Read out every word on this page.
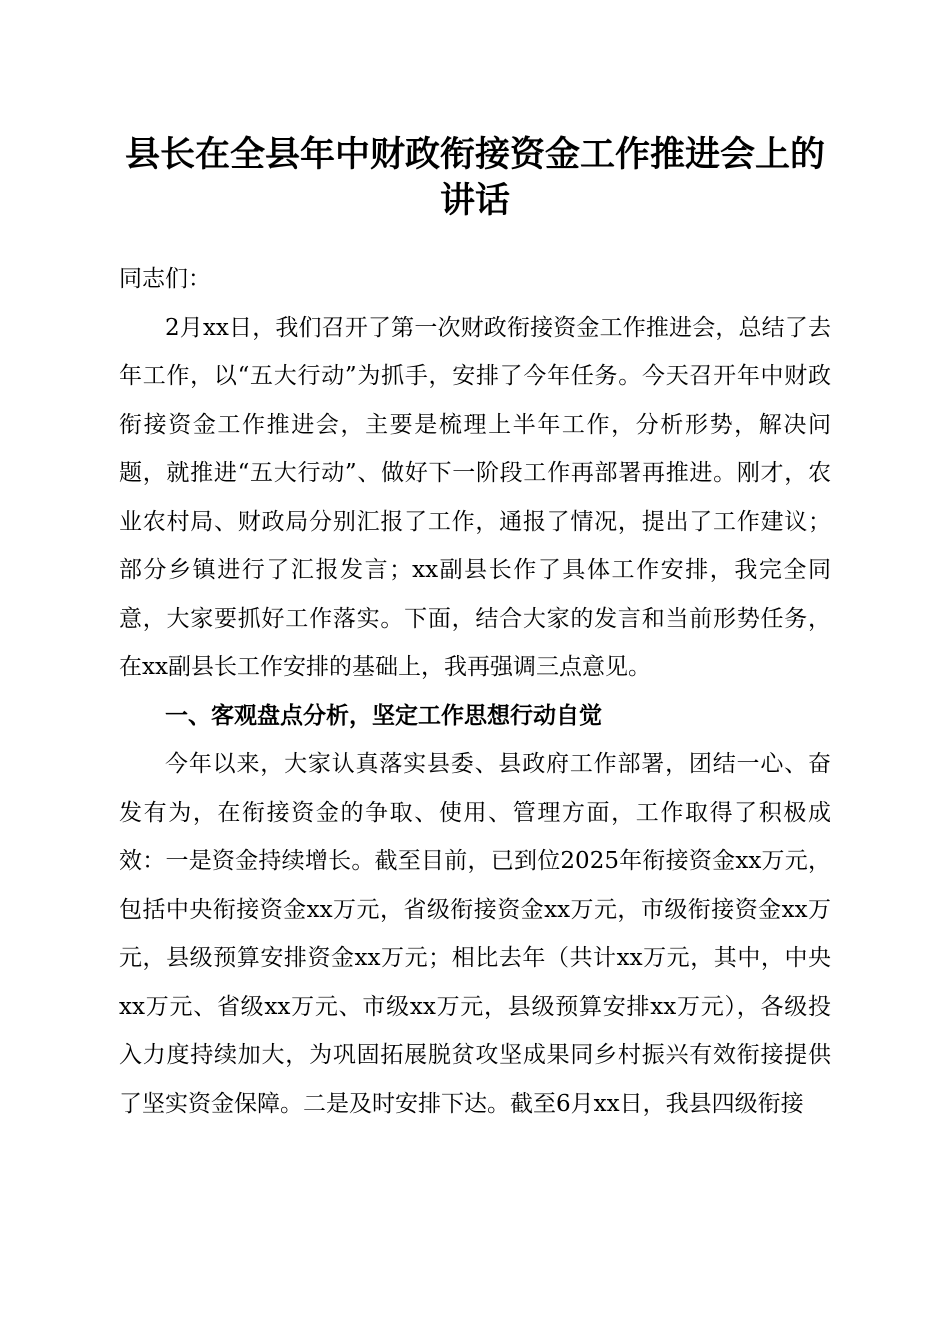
县长在全县年中财政衔接资金工作推进会上的讲话

同志们：

2月xx日，我们召开了第一次财政衔接资金工作推进会，总结了去年工作，以“五大行动”为抓手，安排了今年任务。今天召开年中财政衔接资金工作推进会，主要是梳理上半年工作，分析形势，解决问题，就推进“五大行动”、做好下一阶段工作再部署再推进。刚才，农业农村局、财政局分别汇报了工作，通报了情况，提出了工作建议；部分乡镇进行了汇报发言；xx副县长作了具体工作安排，我完全同意，大家要抓好工作落实。下面，结合大家的发言和当前形势任务，在xx副县长工作安排的基础上，我再强调三点意见。

一、客观盘点分析，坚定工作思想行动自觉

今年以来，大家认真落实县委、县政府工作部署，团结一心、奋发有为，在衔接资金的争取、使用、管理方面，工作取得了积极成效：一是资金持续增长。截至目前，已到位2025年衔接资金xx万元，包括中央衔接资金xx万元，省级衔接资金xx万元，市级衔接资金xx万元，县级预算安排资金xx万元；相比去年（共计xx万元，其中，中央xx万元、省级xx万元、市级xx万元，县级预算安排xx万元），各级投入力度持续加大，为巩固拓展脱贫攻坚成果同乡村振兴有效衔接提供了坚实资金保障。二是及时安排下达。截至6月xx日，我县四级衔接
